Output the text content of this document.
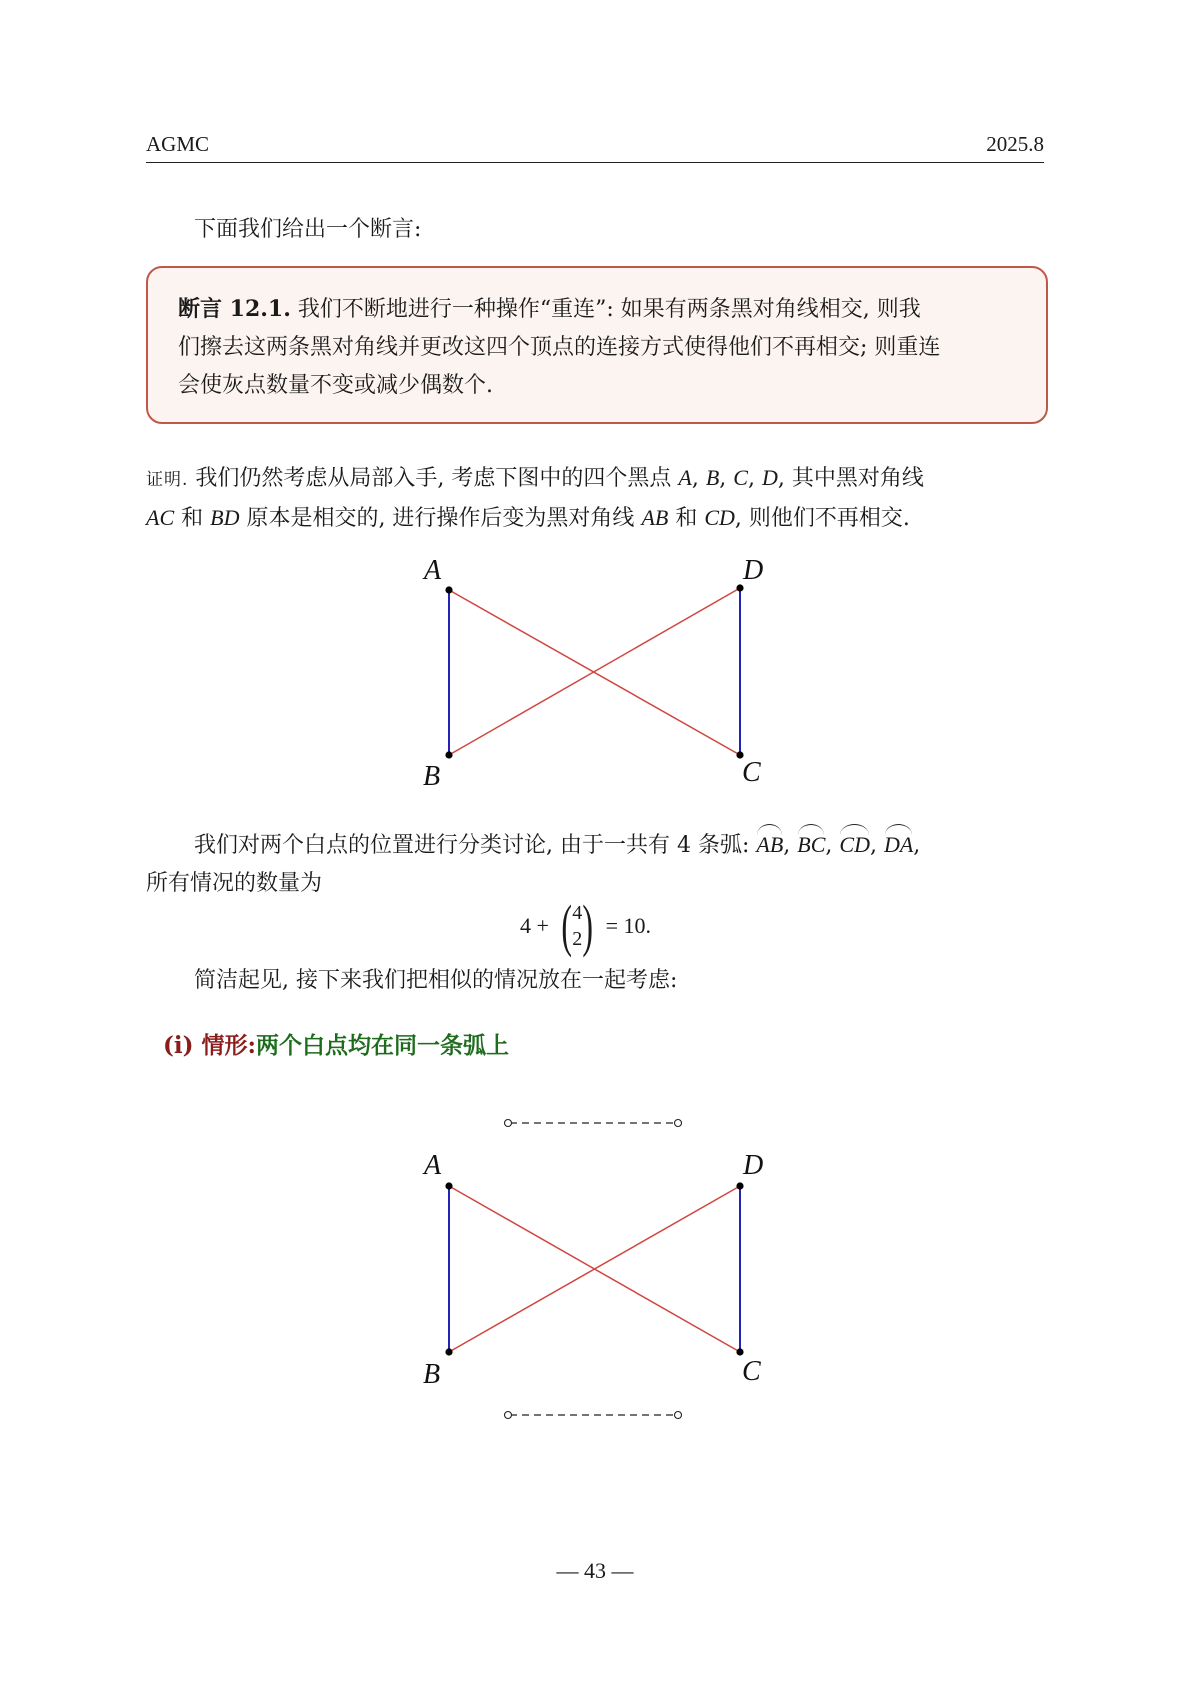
AGMC	2025.8
下面我们给出一个断言:
断言 12.1. 我们不断地进行一种操作“重连”: 如果有两条黑对角线相交, 则我
们擦去这两条黑对角线并更改这四个顶点的连接方式使得他们不再相交; 则重连
会使灰点数量不变或减少偶数个.
证明. 我们仍然考虑从局部入手, 考虑下图中的四个黑点 A, B, C, D, 其中黑对角线
AC 和 BD 原本是相交的, 进行操作后变为黑对角线 AB 和 CD, 则他们不再相交.
A	D
B	C
我们对两个白点的位置进行分类讨论, 由于一共有 4 条弧: AB, BC, CD, DA,
所有情况的数量为
4 + ( 4
2 ) = 10.
简洁起见, 接下来我们把相似的情况放在一起考虑:
(i) 情形:两个白点均在同一条弧上
A	D
B	C
— 43 —
